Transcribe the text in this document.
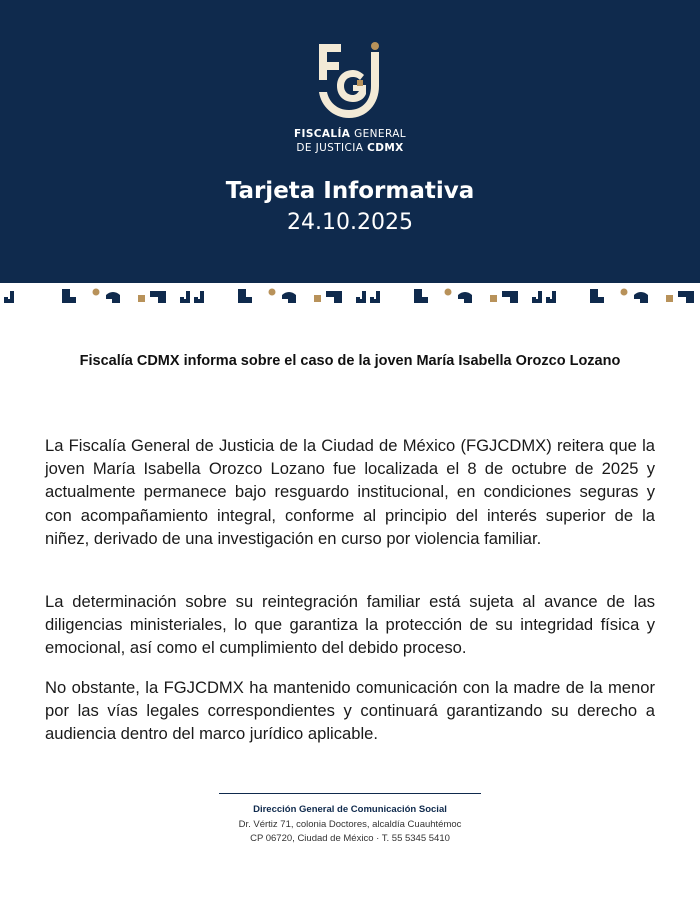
FISCALÍA GENERAL
DE JUSTICIA CDMX
Tarjeta Informativa
24.10.2025
Fiscalía CDMX informa sobre el caso de la joven María Isabella Orozco Lozano

La Fiscalía General de Justicia de la Ciudad de México (FGJCDMX) reitera que la joven María Isabella Orozco Lozano fue localizada el 8 de octubre de 2025 y actualmente permanece bajo resguardo institucional, en condiciones seguras y con acompañamiento integral, conforme al principio del interés superior de la niñez, derivado de una investigación en curso por violencia familiar.

La determinación sobre su reintegración familiar está sujeta al avance de las diligencias ministeriales, lo que garantiza la protección de su integridad física y emocional, así como el cumplimiento del debido proceso.

No obstante, la FGJCDMX ha mantenido comunicación con la madre de la menor por las vías legales correspondientes y continuará garantizando su derecho a audiencia dentro del marco jurídico aplicable.

Dirección General de Comunicación Social
Dr. Vértiz 71, colonia Doctores, alcaldía Cuauhtémoc
CP 06720, Ciudad de México · T. 55 5345 5410
